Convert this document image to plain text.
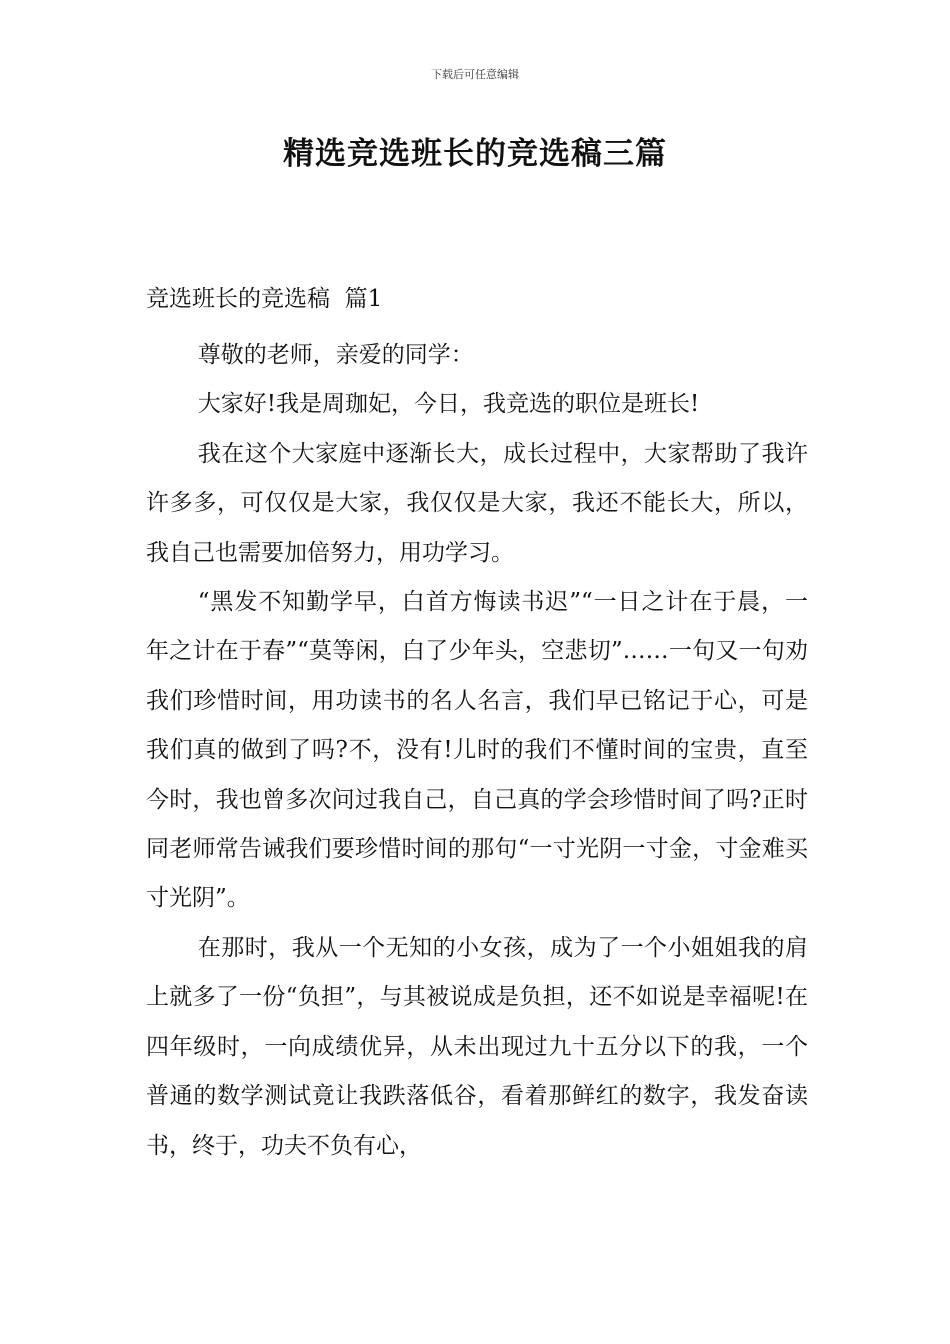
下载后可任意编辑
精选竞选班长的竞选稿三篇
竞选班长的竞选稿  篇1

尊敬的老师，亲爱的同学：

大家好!我是周珈妃，今日，我竞选的职位是班长!

我在这个大家庭中逐渐长大，成长过程中，大家帮助了我许许多多，可仅仅是大家，我仅仅是大家，我还不能长大，所以，我自己也需要加倍努力，用功学习。

“黑发不知勤学早，白首方悔读书迟”“一日之计在于晨，一年之计在于春”“莫等闲，白了少年头，空悲切”……一句又一句劝我们珍惜时间，用功读书的名人名言，我们早已铭记于心，可是我们真的做到了吗?不，没有!儿时的我们不懂时间的宝贵，直至今时，我也曾多次问过我自己，自己真的学会珍惜时间了吗?正时同老师常告诫我们要珍惜时间的那句“一寸光阴一寸金，寸金难买寸光阴”。

在那时，我从一个无知的小女孩，成为了一个小姐姐我的肩上就多了一份“负担”，与其被说成是负担，还不如说是幸福呢!在四年级时，一向成绩优异，从未出现过九十五分以下的我，一个普通的数学测试竟让我跌落低谷，看着那鲜红的数字，我发奋读书，终于，功夫不负有心，
